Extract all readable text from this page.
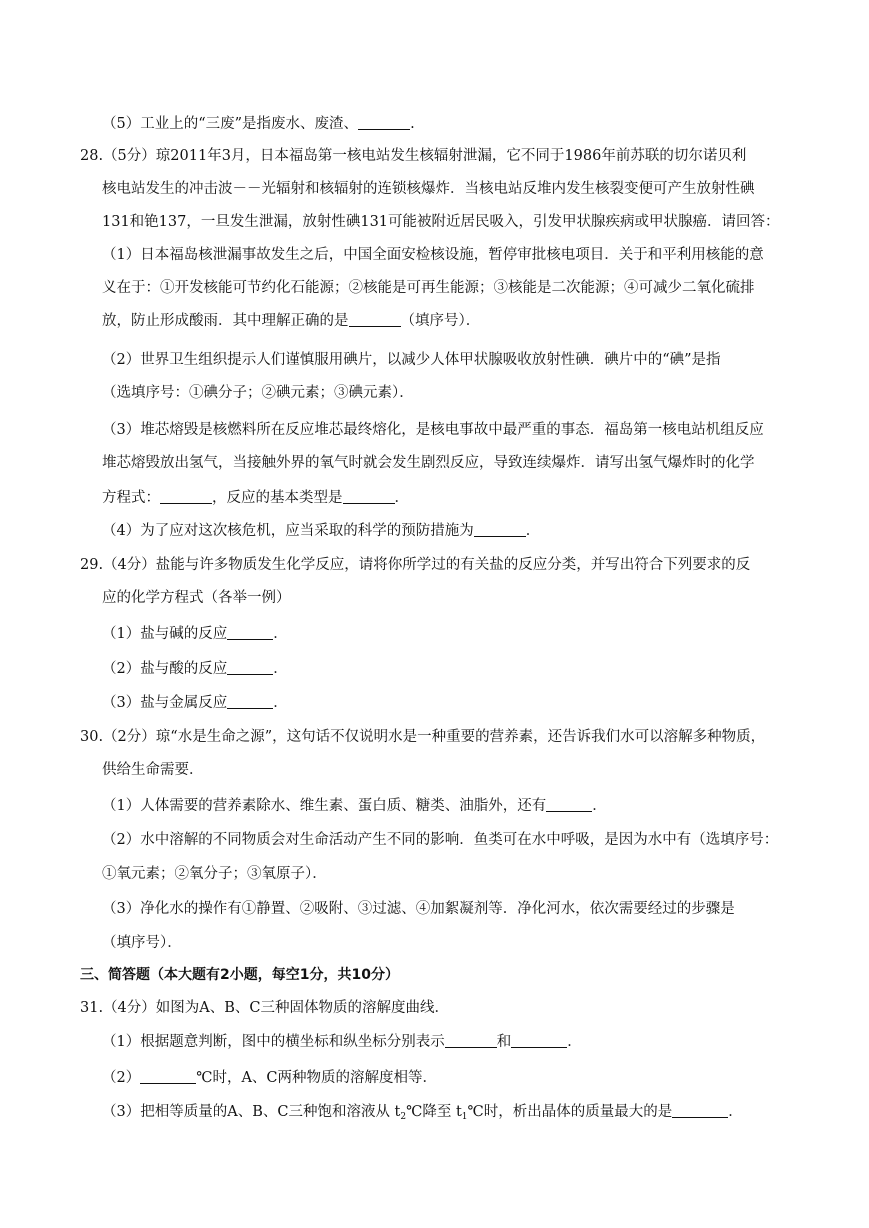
（5）工业上的“三废”是指废水、废渣、	.
28.（5分）琼2011年3月，日本福岛第一核电站发生核辐射泄漏，它不同于1986年前苏联的切尔诺贝利
核电站发生的冲击波－－光辐射和核辐射的连锁核爆炸．当核电站反堆内发生核裂变便可产生放射性碘
131和铯137，一旦发生泄漏，放射性碘131可能被附近居民吸入，引发甲状腺疾病或甲状腺癌．请回答：
（1）日本福岛核泄漏事故发生之后，中国全面安检核设施，暂停审批核电项目．关于和平利用核能的意
义在于：①开发核能可节约化石能源；②核能是可再生能源；③核能是二次能源；④可减少二氧化硫排
放，防止形成酸雨．其中理解正确的是	（填序号）．
（2）世界卫生组织提示人们谨慎服用碘片，以减少人体甲状腺吸收放射性碘．碘片中的“碘”是指
（选填序号：①碘分子；②碘元素；③碘元素）．
（3）堆芯熔毁是核燃料所在反应堆芯最终熔化，是核电事故中最严重的事态．福岛第一核电站机组反应
堆芯熔毁放出氢气，当接触外界的氧气时就会发生剧烈反应，导致连续爆炸．请写出氢气爆炸时的化学
方程式：	，反应的基本类型是	．
（4）为了应对这次核危机，应当采取的科学的预防措施为	．
29.（4分）盐能与许多物质发生化学反应，请将你所学过的有关盐的反应分类，并写出符合下列要求的反
应的化学方程式（各举一例）
（1）盐与碱的反应	．
（2）盐与酸的反应	．
（3）盐与金属反应	．
30.（2分）琼“水是生命之源”，这句话不仅说明水是一种重要的营养素，还告诉我们水可以溶解多种物质，
供给生命需要．
（1）人体需要的营养素除水、维生素、蛋白质、糖类、油脂外，还有	．
（2）水中溶解的不同物质会对生命活动产生不同的影响．鱼类可在水中呼吸，是因为水中有（选填序号：
①氧元素；②氧分子；③氧原子）．
（3）净化水的操作有①静置、②吸附、③过滤、④加絮凝剂等．净化河水，依次需要经过的步骤是
（填序号）．
三、简答题（本大题有2小题，每空1分，共10分）
31.（4分）如图为A、B、C三种固体物质的溶解度曲线．
（1）根据题意判断，图中的横坐标和纵坐标分别表示	和	．
（2）	℃时，A、C两种物质的溶解度相等．
（3）把相等质量的A、B、C三种饱和溶液从 $t_2℃$降至 $t_1℃$时，析出晶体的质量最大的是	．
